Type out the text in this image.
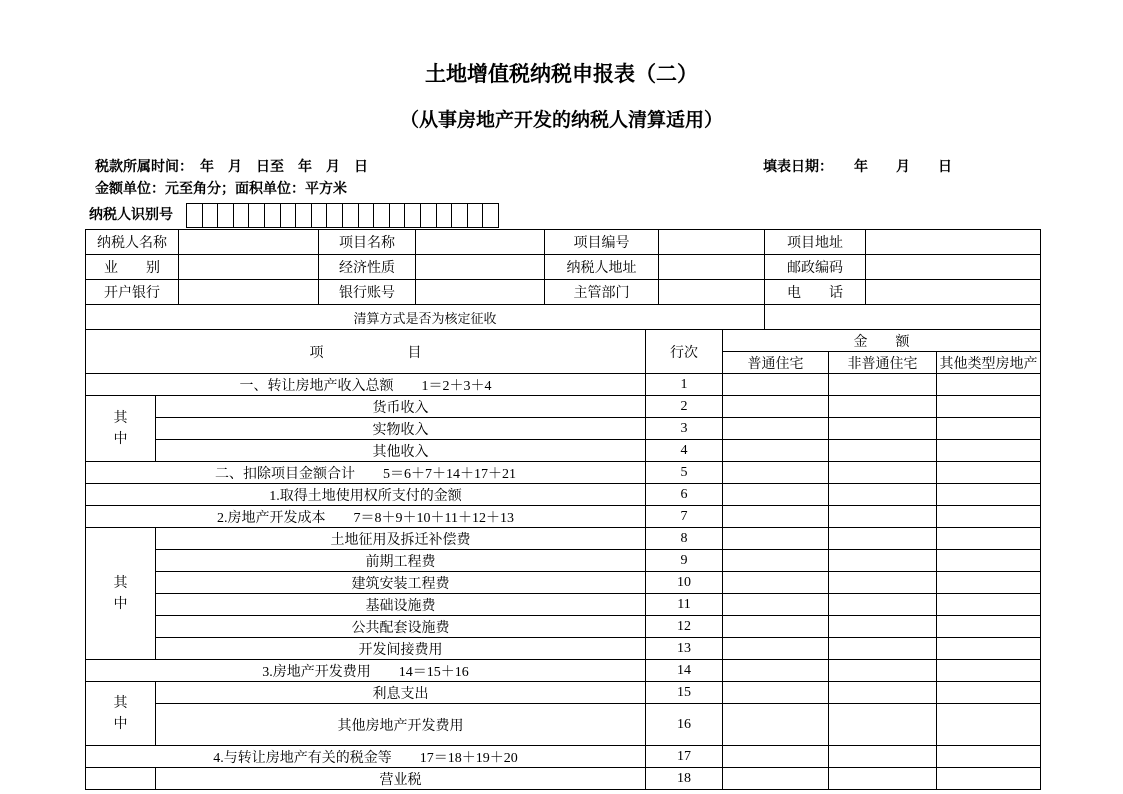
土地增值税纳税申报表（二）
（从事房地产开发的纳税人清算适用）
税款所属时间：　年　月　日至　年　月　日	填表日期：　　年　　月　　日
金额单位：元至角分；面积单位：平方米
纳税人识别号
纳税人名称		项目名称		项目编号		项目地址	
业　　别		经济性质		纳税人地址		邮政编码	
开户银行		银行账号		主管部门		电　　话	
清算方式是否为核定征收							
项　　　　　　目		行次	金　　额		
			普通住宅	非普通住宅	其他类型房地产
一、转让房地产收入总额　　1＝2＋3＋4		1			
其中	货币收入	2			
	实物收入	3			
	其他收入	4			
二、扣除项目金额合计　　5＝6＋7＋14＋17＋21		5			
1.取得土地使用权所支付的金额		6			
2.房地产开发成本　　7＝8＋9＋10＋11＋12＋13		7			
其中	土地征用及拆迁补偿费	8			
	前期工程费	9			
	建筑安装工程费	10			
	基础设施费	11			
	公共配套设施费	12			
	开发间接费用	13			
3.房地产开发费用　　14＝15＋16		14			
其中	利息支出	15			
	其他房地产开发费用	16			
4.与转让房地产有关的税金等　　17＝18＋19＋20		17			
	营业税	18			
